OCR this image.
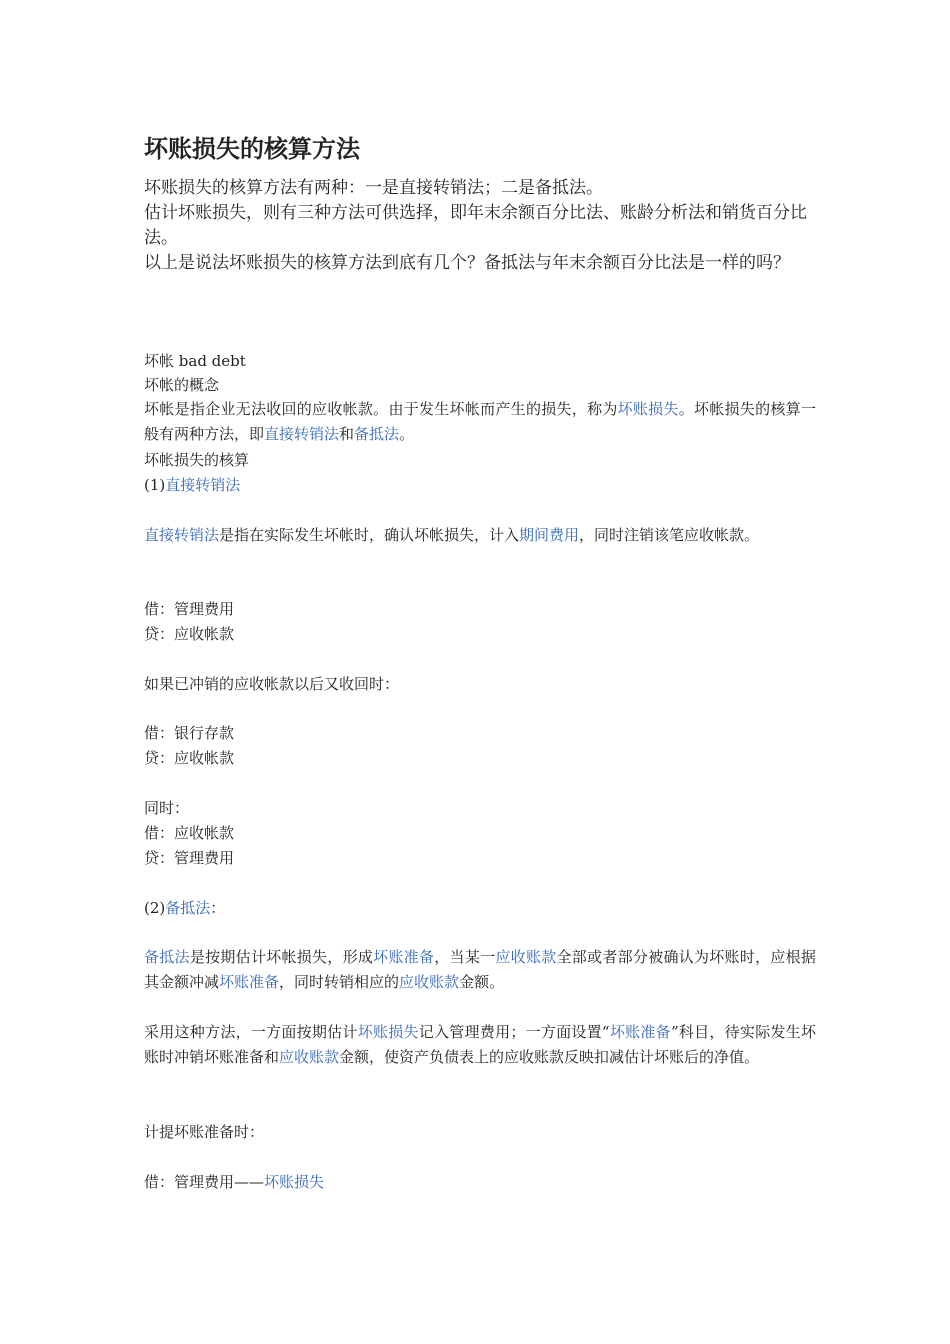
坏账损失的核算方法
坏账损失的核算方法有两种：一是直接转销法；二是备抵法。
估计坏账损失，则有三种方法可供选择，即年末余额百分比法、账龄分析法和销货百分比法。
以上是说法坏账损失的核算方法到底有几个？备抵法与年末余额百分比法是一样的吗？

坏帐 bad debt

坏帐的概念

坏帐是指企业无法收回的应收帐款。由于发生坏帐而产生的损失，称为坏账损失。坏帐损失的核算一般有两种方法，即直接转销法和备抵法。

坏帐损失的核算

(1)直接转销法

直接转销法是指在实际发生坏帐时，确认坏帐损失，计入期间费用，同时注销该笔应收帐款。

借：管理费用

贷：应收帐款

如果已冲销的应收帐款以后又收回时：

借：银行存款

贷：应收帐款

同时：

借：应收帐款

贷：管理费用

(2)备抵法：

备抵法是按期估计坏帐损失，形成坏账准备，当某一应收账款全部或者部分被确认为坏账时，应根据其金额冲减坏账准备，同时转销相应的应收账款金额。

采用这种方法，一方面按期估计坏账损失记入管理费用；一方面设置“坏账准备”科目，待实际发生坏账时冲销坏账准备和应收账款金额，使资产负债表上的应收账款反映扣减估计坏账后的净值。

计提坏账准备时：

借：管理费用——坏账损失
